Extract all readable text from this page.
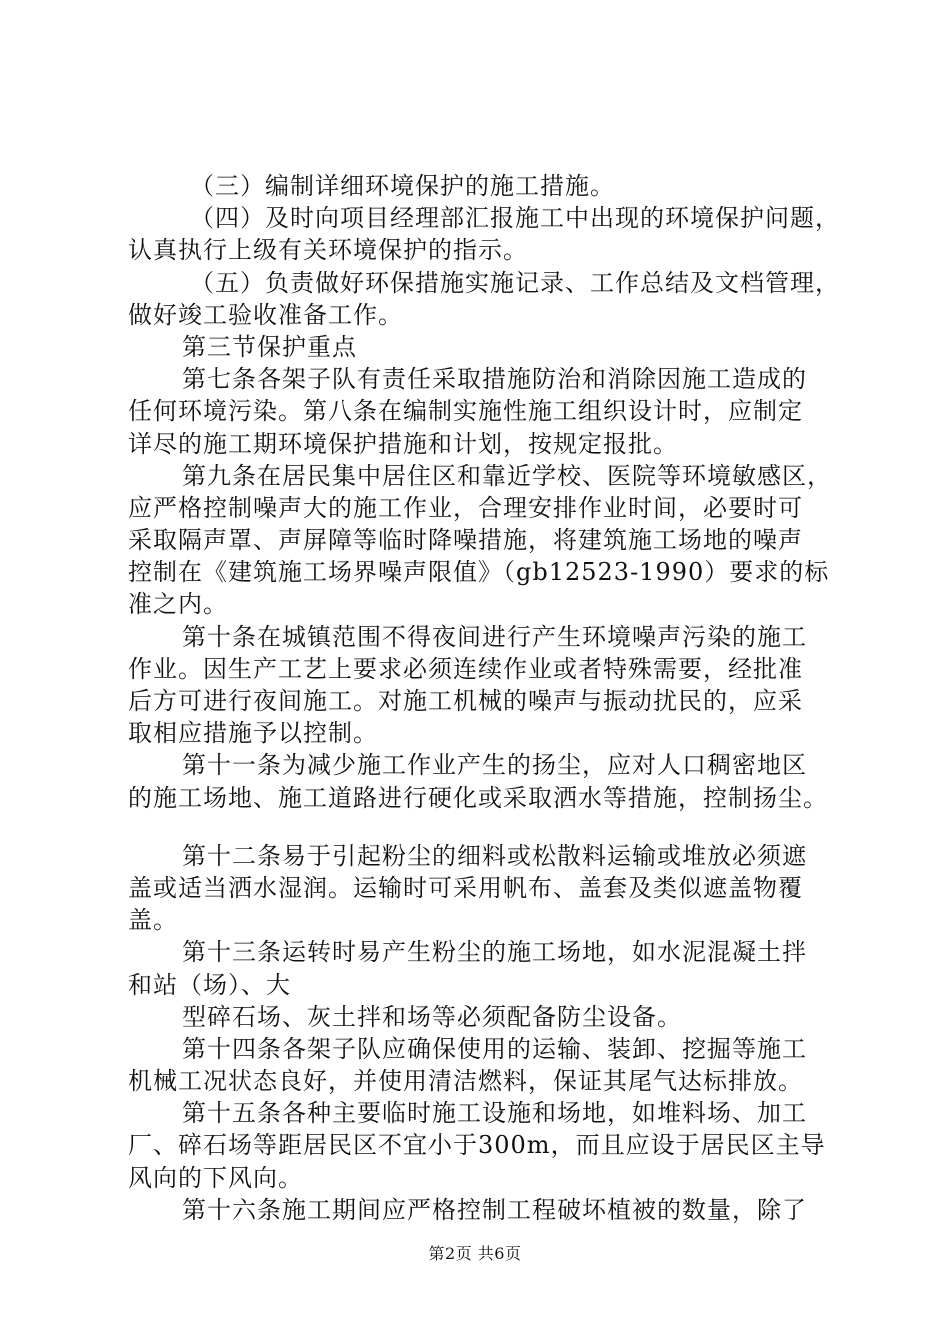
（三）编制详细环境保护的施工措施。
（四）及时向项目经理部汇报施工中出现的环境保护问题，
认真执行上级有关环境保护的指示。
（五）负责做好环保措施实施记录、工作总结及文档管理，
做好竣工验收准备工作。
第三节保护重点
第七条各架子队有责任采取措施防治和消除因施工造成的
任何环境污染。第八条在编制实施性施工组织设计时，应制定
详尽的施工期环境保护措施和计划，按规定报批。
第九条在居民集中居住区和靠近学校、医院等环境敏感区，
应严格控制噪声大的施工作业，合理安排作业时间，必要时可
采取隔声罩、声屏障等临时降噪措施，将建筑施工场地的噪声
控制在《建筑施工场界噪声限值》（gb12523-1990）要求的标
准之内。
第十条在城镇范围不得夜间进行产生环境噪声污染的施工
作业。因生产工艺上要求必须连续作业或者特殊需要，经批准
后方可进行夜间施工。对施工机械的噪声与振动扰民的，应采
取相应措施予以控制。
第十一条为减少施工作业产生的扬尘，应对人口稠密地区
的施工场地、施工道路进行硬化或采取洒水等措施，控制扬尘。
第十二条易于引起粉尘的细料或松散料运输或堆放必须遮
盖或适当洒水湿润。运输时可采用帆布、盖套及类似遮盖物覆
盖。
第十三条运转时易产生粉尘的施工场地，如水泥混凝土拌
和站（场）、大
型碎石场、灰土拌和场等必须配备防尘设备。
第十四条各架子队应确保使用的运输、装卸、挖掘等施工
机械工况状态良好，并使用清洁燃料，保证其尾气达标排放。
第十五条各种主要临时施工设施和场地，如堆料场、加工
厂、碎石场等距居民区不宜小于300m，而且应设于居民区主导
风向的下风向。
第十六条施工期间应严格控制工程破坏植被的数量，除了
第2页 共6页
